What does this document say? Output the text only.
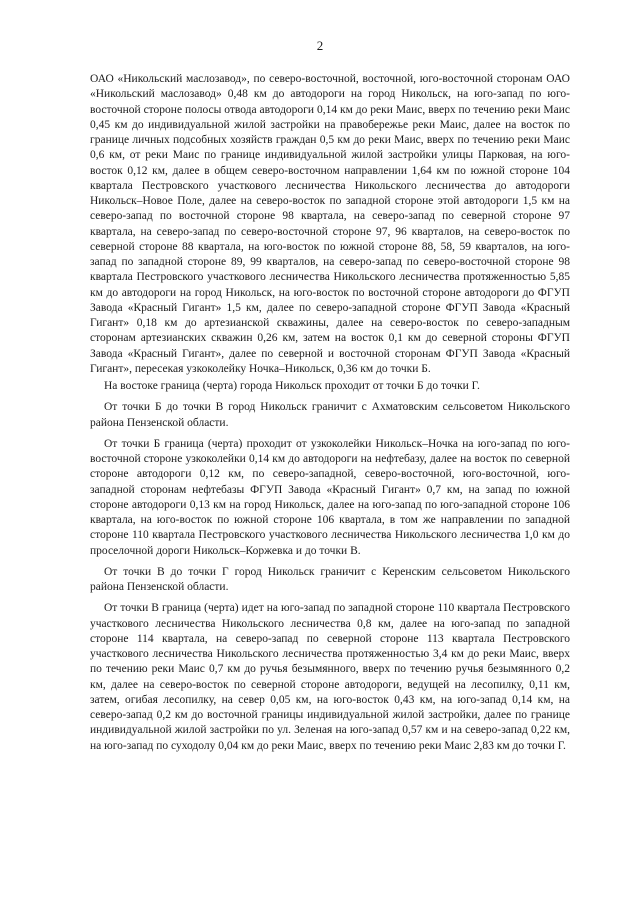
2

ОАО «Никольский маслозавод», по северо-восточной, восточной, юго-восточной сторонам ОАО «Никольский маслозавод» 0,48 км до автодороги на город Никольск, на юго-запад по юго-восточной стороне полосы отвода автодороги 0,14 км до реки Маис, вверх по течению реки Маис 0,45 км до индивидуальной жилой застройки на правобережье реки Маис, далее на восток по границе личных подсобных хозяйств граждан 0,5 км до реки Маис, вверх по течению реки Маис 0,6 км, от реки Маис по границе индивидуальной жилой застройки улицы Парковая, на юго-восток 0,12 км, далее в общем северо-восточном направлении 1,64 км по южной стороне 104 квартала Пестровского участкового лесничества Никольского лесничества до автодороги Никольск–Новое Поле, далее на северо-восток по западной стороне этой автодороги 1,5 км на северо-запад по восточной стороне 98 квартала, на северо-запад по северной стороне 97 квартала, на северо-запад по северо-восточной стороне 97, 96 кварталов, на северо-восток по северной стороне 88 квартала, на юго-восток по южной стороне 88, 58, 59 кварталов, на юго-запад по западной стороне 89, 99 кварталов, на северо-запад по северо-восточной стороне 98 квартала Пестровского участкового лесничества Никольского лесничества протяженностью 5,85 км до автодороги на город Никольск, на юго-восток по восточной стороне автодороги до ФГУП Завода «Красный Гигант» 1,5 км, далее по северо-западной стороне ФГУП Завода «Красный Гигант» 0,18 км до артезианской скважины, далее на северо-восток по северо-западным сторонам артезианских скважин 0,26 км, затем на восток 0,1 км до северной стороны ФГУП Завода «Красный Гигант», далее по северной и восточной сторонам ФГУП Завода «Красный Гигант», пересекая узкоколейку Ночка–Никольск, 0,36 км до точки Б.

На востоке граница (черта) города Никольск проходит от точки Б до точки Г.

От точки Б до точки В город Никольск граничит с Ахматовским сельсоветом Никольского района Пензенской области.

От точки Б граница (черта) проходит от узкоколейки Никольск–Ночка на юго-запад по юго-восточной стороне узкоколейки 0,14 км до автодороги на нефтебазу, далее на восток по северной стороне автодороги 0,12 км, по северо-западной, северо-восточной, юго-восточной, юго-западной сторонам нефтебазы ФГУП Завода «Красный Гигант» 0,7 км, на запад по южной стороне автодороги 0,13 км на город Никольск, далее на юго-запад по юго-западной стороне 106 квартала, на юго-восток по южной стороне 106 квартала, в том же направлении по западной стороне 110 квартала Пестровского участкового лесничества Никольского лесничества 1,0 км до проселочной дороги Никольск–Коржевка и до точки В.

От точки В до точки Г город Никольск граничит с Керенским сельсоветом Никольского района Пензенской области.

От точки В граница (черта) идет на юго-запад по западной стороне 110 квартала Пестровского участкового лесничества Никольского лесничества 0,8 км, далее на юго-запад по западной стороне 114 квартала, на северо-запад по северной стороне 113 квартала Пестровского участкового лесничества Никольского лесничества протяженностью 3,4 км до реки Маис, вверх по течению реки Маис 0,7 км до ручья безымянного, вверх по течению ручья безымянного 0,2 км, далее на северо-восток по северной стороне автодороги, ведущей на лесопилку, 0,11 км, затем, огибая лесопилку, на север 0,05 км, на юго-восток 0,43 км, на юго-запад 0,14 км, на северо-запад 0,2 км до восточной границы индивидуальной жилой застройки, далее по границе индивидуальной жилой застройки по ул. Зеленая на юго-запад 0,57 км и на северо-запад 0,22 км, на юго-запад по суходолу 0,04 км до реки Маис, вверх по течению реки Маис 2,83 км до точки Г.
